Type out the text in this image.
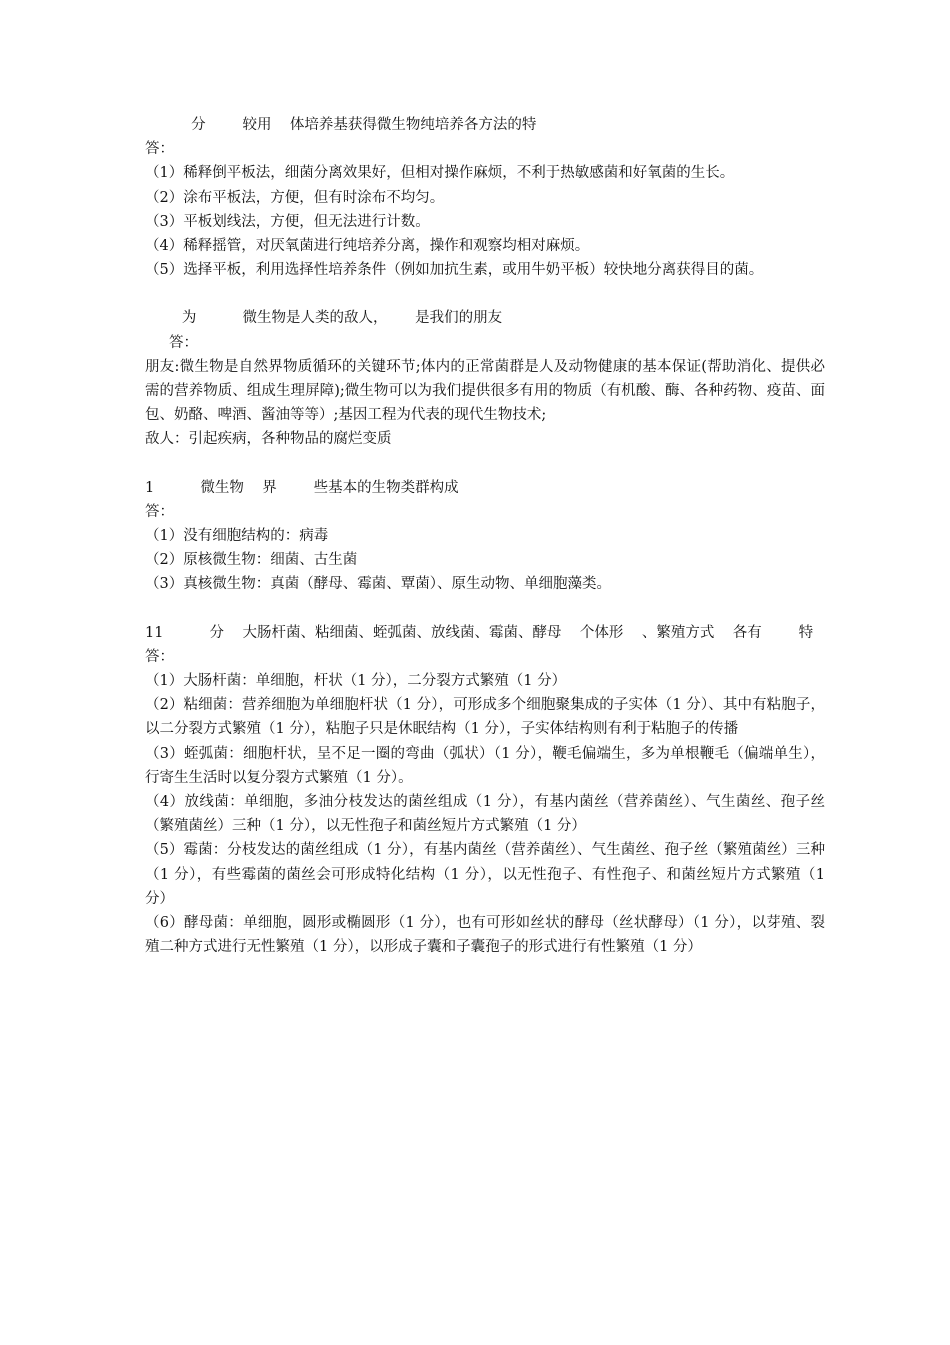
分        较用    体培养基获得微生物纯培养各方法的特
答：
（1）稀释倒平板法，细菌分离效果好，但相对操作麻烦，不利于热敏感菌和好氧菌的生长。
（2）涂布平板法，方便，但有时涂布不均匀。
（3）平板划线法，方便，但无法进行计数。
（4）稀释摇管，对厌氧菌进行纯培养分离，操作和观察均相对麻烦。
（5）选择平板，利用选择性培养条件（例如加抗生素，或用牛奶平板）较快地分离获得目的菌。
为          微生物是人类的敌人，      是我们的朋友
答：
朋友:微生物是自然界物质循环的关键环节;体内的正常菌群是人及动物健康的基本保证(帮助消化、提供必需的营养物质、组成生理屏障);微生物可以为我们提供很多有用的物质（有机酸、酶、各种药物、疫苗、面包、奶酪、啤酒、酱油等等）;基因工程为代表的现代生物技术;
敌人：引起疾病，各种物品的腐烂变质
1          微生物    界        些基本的生物类群构成
答：
（1）没有细胞结构的：病毒
（2）原核微生物：细菌、古生菌
（3）真核微生物：真菌（酵母、霉菌、覃菌）、原生动物、单细胞藻类。
11          分    大肠杆菌、粘细菌、蛭弧菌、放线菌、霉菌、酵母    个体形    、繁殖方式    各有        特
答：
（1）大肠杆菌：单细胞，杆状（1 分），二分裂方式繁殖（1 分）
（2）粘细菌：营养细胞为单细胞杆状（1 分），可形成多个细胞聚集成的子实体（1 分）、其中有粘胞子，以二分裂方式繁殖（1 分），粘胞子只是休眠结构（1 分），子实体结构则有利于粘胞子的传播
（3）蛭弧菌：细胞杆状，呈不足一圈的弯曲（弧状）（1 分），鞭毛偏端生，多为单根鞭毛（偏端单生），行寄生生活时以复分裂方式繁殖（1 分）。
（4）放线菌：单细胞，多油分枝发达的菌丝组成（1 分），有基内菌丝（营养菌丝）、气生菌丝、孢子丝（繁殖菌丝）三种（1 分），以无性孢子和菌丝短片方式繁殖（1 分）
（5）霉菌：分枝发达的菌丝组成（1 分），有基内菌丝（营养菌丝）、气生菌丝、孢子丝（繁殖菌丝）三种（1 分），有些霉菌的菌丝会可形成特化结构（1 分），以无性孢子、有性孢子、和菌丝短片方式繁殖（1 分）
（6）酵母菌：单细胞，圆形或椭圆形（1 分），也有可形如丝状的酵母（丝状酵母）（1 分），以芽殖、裂殖二种方式进行无性繁殖（1 分），以形成子囊和子囊孢子的形式进行有性繁殖（1 分）
